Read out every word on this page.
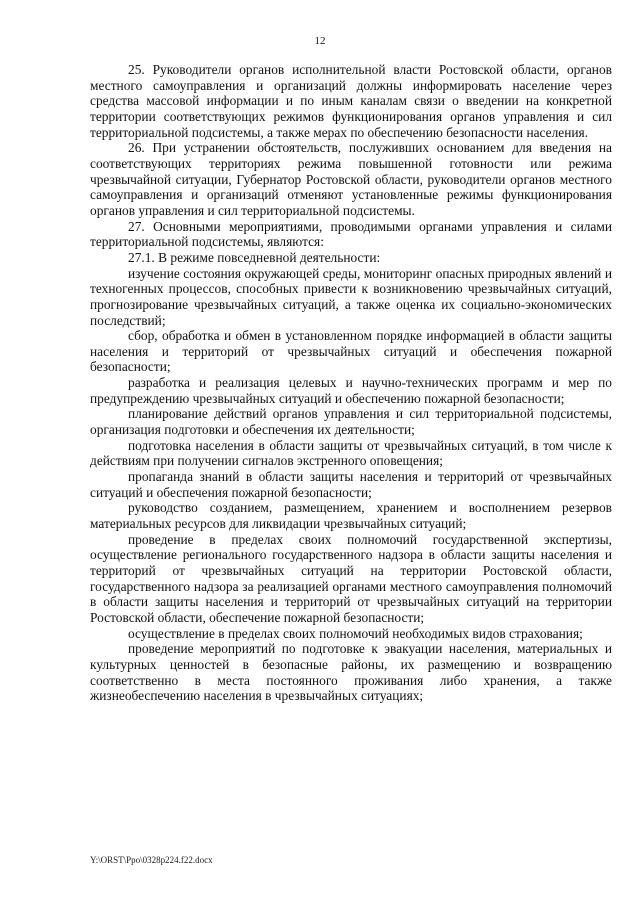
12

25. Руководители органов исполнительной власти Ростовской области, органов местного самоуправления и организаций должны информировать население через средства массовой информации и по иным каналам связи о введении на конкретной территории соответствующих режимов функционирования органов управления и сил территориальной подсистемы, а также мерах по обеспечению безопасности населения.

26. При устранении обстоятельств, послуживших основанием для введения на соответствующих территориях режима повышенной готовности или режима чрезвычайной ситуации, Губернатор Ростовской области, руководители органов местного самоуправления и организаций отменяют установленные режимы функционирования органов управления и сил территориальной подсистемы.

27. Основными мероприятиями, проводимыми органами управления и силами территориальной подсистемы, являются:

27.1. В режиме повседневной деятельности:

изучение состояния окружающей среды, мониторинг опасных природных явлений и техногенных процессов, способных привести к возникновению чрезвычайных ситуаций, прогнозирование чрезвычайных ситуаций, а также оценка их социально-экономических последствий;

сбор, обработка и обмен в установленном порядке информацией в области защиты населения и территорий от чрезвычайных ситуаций и обеспечения пожарной безопасности;

разработка и реализация целевых и научно-технических программ и мер по предупреждению чрезвычайных ситуаций и обеспечению пожарной безопасности;

планирование действий органов управления и сил территориальной подсистемы, организация подготовки и обеспечения их деятельности;

подготовка населения в области защиты от чрезвычайных ситуаций, в том числе к действиям при получении сигналов экстренного оповещения;

пропаганда знаний в области защиты населения и территорий от чрезвычайных ситуаций и обеспечения пожарной безопасности;

руководство созданием, размещением, хранением и восполнением резервов материальных ресурсов для ликвидации чрезвычайных ситуаций;

проведение в пределах своих полномочий государственной экспертизы, осуществление регионального государственного надзора в области защиты населения и территорий от чрезвычайных ситуаций на территории Ростовской области, государственного надзора за реализацией органами местного самоуправления полномочий в области защиты населения и территорий от чрезвычайных ситуаций на территории Ростовской области, обеспечение пожарной безопасности;

осуществление в пределах своих полномочий необходимых видов страхования;

проведение мероприятий по подготовке к эвакуации населения, материальных и культурных ценностей в безопасные районы, их размещению и возвращению соответственно в места постоянного проживания либо хранения, а также жизнеобеспечению населения в чрезвычайных ситуациях;

Y:\ORST\Ppo\0328p224.f22.docx
